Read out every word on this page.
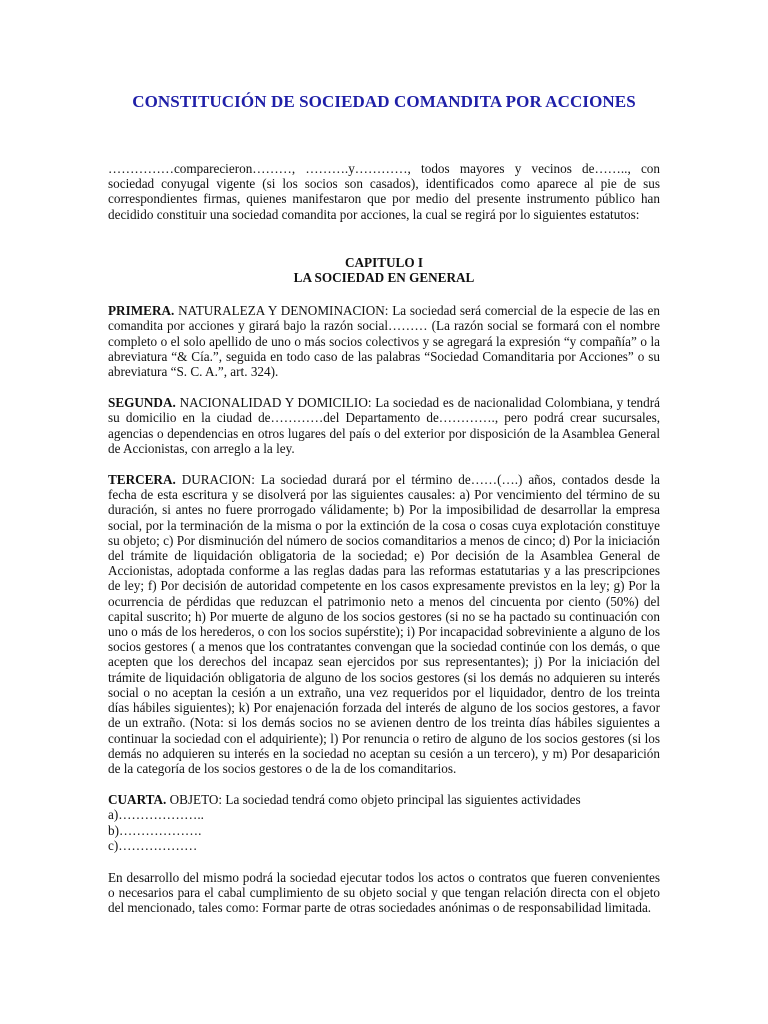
CONSTITUCIÓN DE SOCIEDAD COMANDITA POR ACCIONES

……………comparecieron………, ……….y…………, todos mayores y vecinos de…….., con sociedad conyugal vigente (si los socios son casados), identificados como aparece al pie de sus correspondientes firmas, quienes manifestaron que por medio del presente instrumento público han decidido constituir una sociedad comandita por acciones, la cual se regirá por lo siguientes estatutos:

CAPITULO I
LA SOCIEDAD EN GENERAL

PRIMERA. NATURALEZA Y DENOMINACION: La sociedad será comercial de la especie de las en comandita por acciones y girará bajo la razón social……… (La razón social se formará con el nombre completo o el solo apellido de uno o más socios colectivos y se agregará la expresión “y compañía” o la abreviatura “& Cía.”, seguida en todo caso de las palabras “Sociedad Comanditaria por Acciones” o su abreviatura “S. C. A.”, art. 324).

SEGUNDA. NACIONALIDAD Y DOMICILIO: La sociedad es de nacionalidad Colombiana, y tendrá su domicilio en la ciudad de…………del Departamento de…………., pero podrá crear sucursales, agencias o dependencias en otros lugares del país o del exterior por disposición de la Asamblea General de Accionistas, con arreglo a la ley.

TERCERA. DURACION: La sociedad durará por el término de……(….) años, contados desde la fecha de esta escritura y se disolverá por las siguientes causales: a) Por vencimiento del término de su duración, si antes no fuere prorrogado válidamente; b) Por la imposibilidad de desarrollar la empresa social, por la terminación de la misma o por la extinción de la cosa o cosas cuya explotación constituye su objeto; c) Por disminución del número de socios comanditarios a menos de cinco; d) Por la iniciación del trámite de liquidación obligatoria de la sociedad; e) Por decisión de la Asamblea General de Accionistas, adoptada conforme a las reglas dadas para las reformas estatutarias y a las prescripciones de ley; f) Por decisión de autoridad competente en los casos expresamente previstos en la ley; g) Por la ocurrencia de pérdidas que reduzcan el patrimonio neto a menos del cincuenta por ciento (50%) del capital suscrito; h) Por muerte de alguno de los socios gestores (si no se ha pactado su continuación con uno o más de los herederos, o con los socios supérstite); i) Por incapacidad sobreviniente a alguno de los socios gestores ( a menos que los contratantes convengan que la sociedad continúe con los demás, o que acepten que los derechos del incapaz sean ejercidos por sus representantes); j) Por la iniciación del trámite de liquidación obligatoria de alguno de los socios gestores (si los demás no adquieren su interés social o no aceptan la cesión a un extraño, una vez requeridos por el liquidador, dentro de los treinta días hábiles siguientes); k) Por enajenación forzada del interés de alguno de los socios gestores, a favor de un extraño. (Nota: si los demás socios no se avienen dentro de los treinta días hábiles siguientes a continuar la sociedad con el adquiriente); l) Por renuncia o retiro de alguno de los socios gestores (si los demás no adquieren su interés en la sociedad no aceptan su cesión a un tercero), y m) Por desaparición de la categoría de los socios gestores o de la de los comanditarios.

CUARTA. OBJETO: La sociedad tendrá como objeto principal las siguientes actividades

a)………………..
b)……………….
c)………………

En desarrollo del mismo podrá la sociedad ejecutar todos los actos o contratos que fueren convenientes o necesarios para el cabal cumplimiento de su objeto social y que tengan relación directa con el objeto del mencionado, tales como: Formar parte de otras sociedades anónimas o de responsabilidad limitada.
